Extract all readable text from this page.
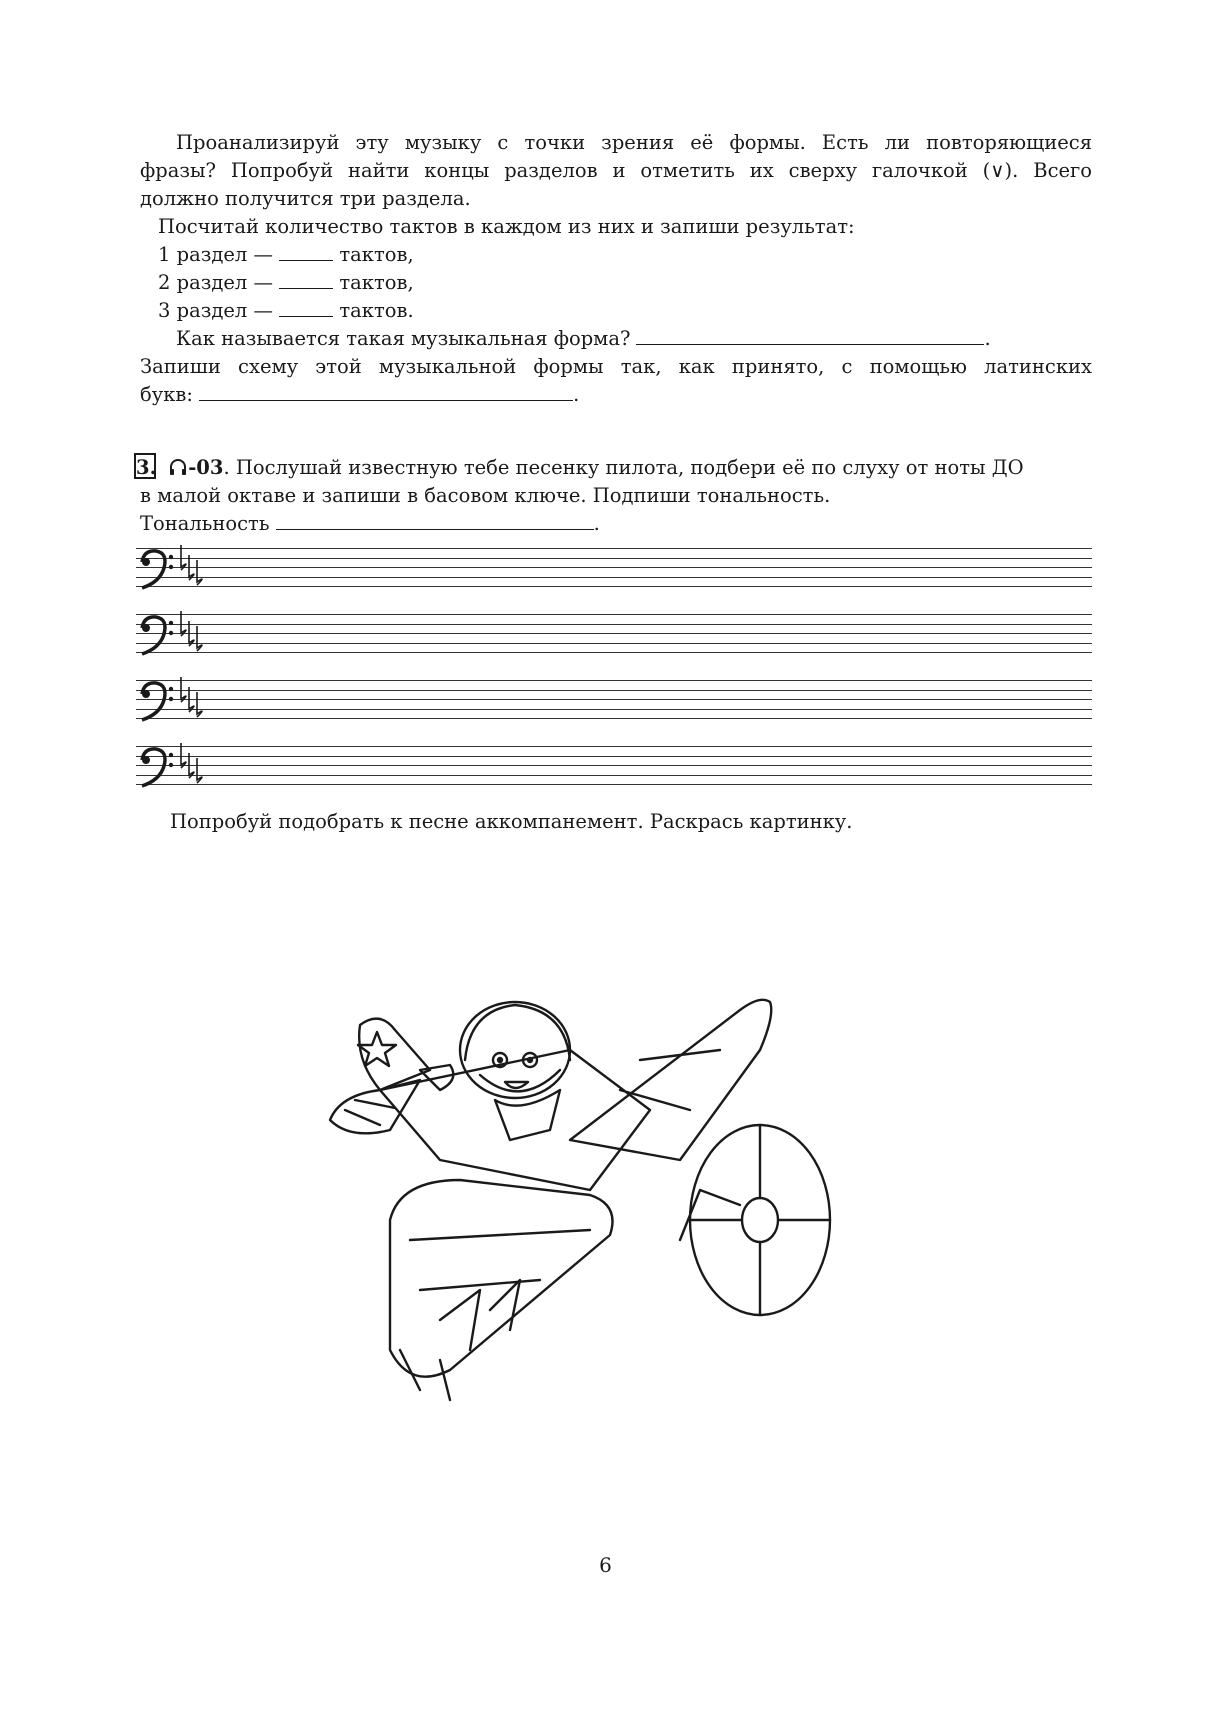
Проанализируй эту музыку с точки зрения её формы. Есть ли повторяющиеся
фразы? Попробуй найти концы разделов и отметить их сверху галочкой (∨). Всего
должно получится три раздела.
Посчитай количество тактов в каждом из них и запиши результат:
1 раздел —	тактов,
2 раздел —	тактов,
3 раздел —	тактов.
Как называется такая музыкальная форма?	.
Запиши схему этой музыкальной формы так, как принято, с помощью латинских
букв:	.
3. -03. Послушай известную тебе песенку пилота, подбери её по слуху от ноты ДО
в малой октаве и запиши в басовом ключе. Подпиши тональность.
Тональность	.
Попробуй подобрать к песне аккомпанемент. Раскрась картинку.
6
